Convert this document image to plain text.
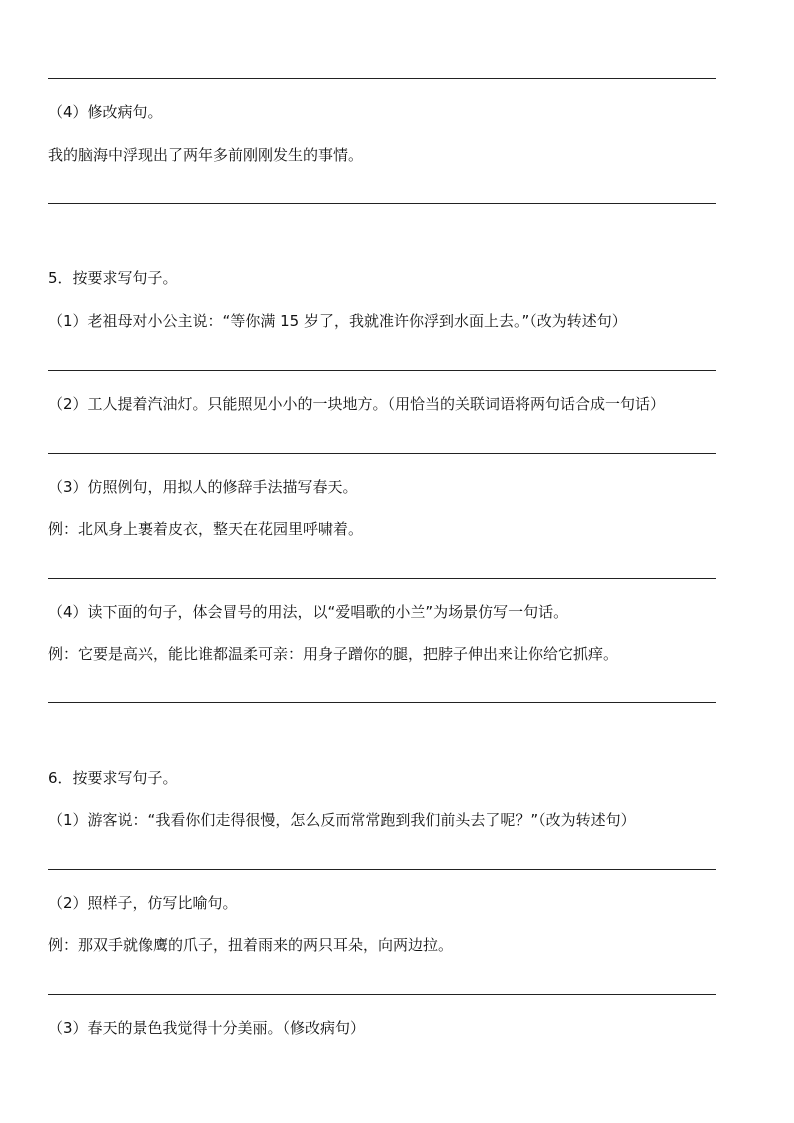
（4）修改病句。
我的脑海中浮现出了两年多前刚刚发生的事情。
5．按要求写句子。
（1）老祖母对小公主说：“等你满 15 岁了，我就准许你浮到水面上去。”（改为转述句）
（2）工人提着汽油灯。只能照见小小的一块地方。（用恰当的关联词语将两句话合成一句话）
（3）仿照例句，用拟人的修辞手法描写春天。
例：北风身上裹着皮衣，整天在花园里呼啸着。
（4）读下面的句子，体会冒号的用法，以“爱唱歌的小兰”为场景仿写一句话。
例：它要是高兴，能比谁都温柔可亲：用身子蹭你的腿，把脖子伸出来让你给它抓痒。
6．按要求写句子。
（1）游客说：“我看你们走得很慢，怎么反而常常跑到我们前头去了呢？”（改为转述句）
（2）照样子，仿写比喻句。
例：那双手就像鹰的爪子，扭着雨来的两只耳朵，向两边拉。
（3）春天的景色我觉得十分美丽。（修改病句）
